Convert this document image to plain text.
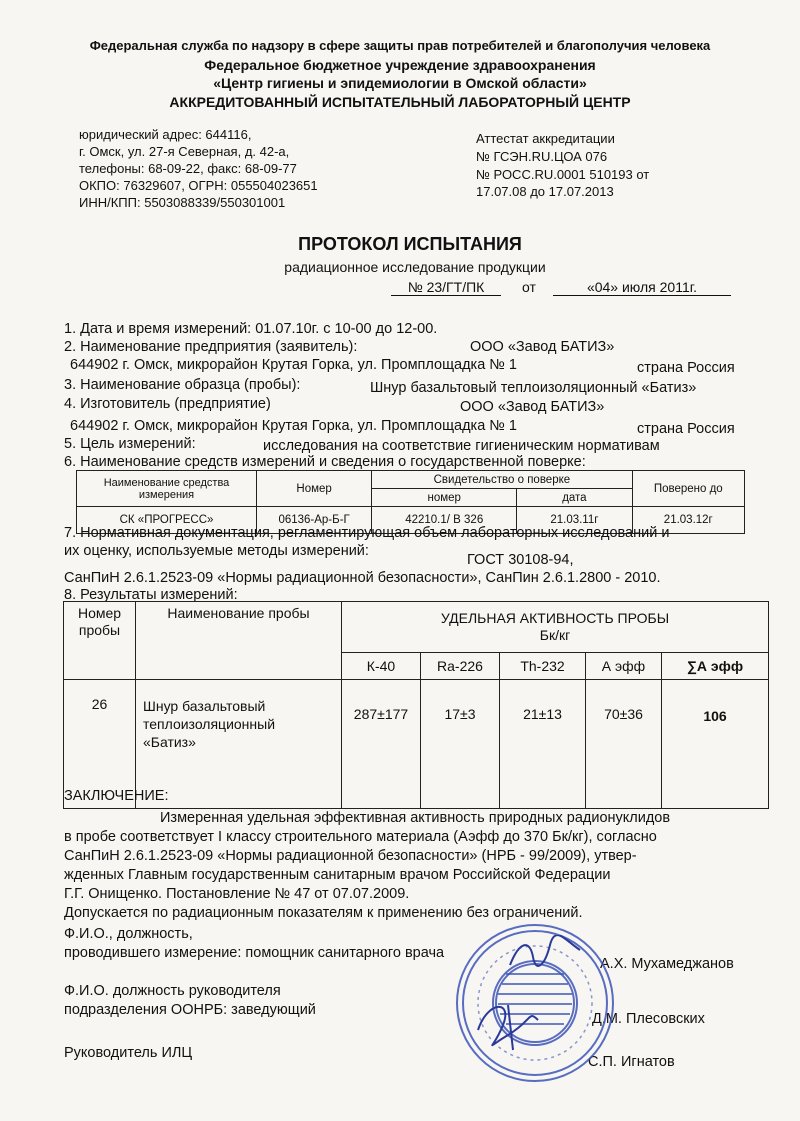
Федеральная служба по надзору в сфере защиты прав потребителей и благополучия человека
Федеральное бюджетное учреждение здравоохранения
«Центр гигиены и эпидемиологии в Омской области»
АККРЕДИТОВАННЫЙ ИСПЫТАТЕЛЬНЫЙ ЛАБОРАТОРНЫЙ ЦЕНТР
юридический адрес: 644116,
г. Омск, ул. 27-я Северная, д. 42-а,
телефоны: 68-09-22, факс: 68-09-77
ОКПО: 76329607, ОГРН: 055504023651
ИНН/КПП: 5503088339/550301001
Аттестат аккредитации
№ ГСЭН.RU.ЦОА 076
№ РОСС.RU.0001 510193 от
17.07.08 до 17.07.2013
ПРОТОКОЛ ИСПЫТАНИЯ
радиационное исследование продукции
№ 23/ГТ/ПК	от	«04» июля 2011г.
1. Дата и время измерений: 01.07.10г. с 10-00 до 12-00.
2. Наименование предприятия (заявитель):	ООО «Завод БАТИЗ»
644902 г. Омск, микрорайон Крутая Горка, ул. Промплощадка № 1	страна Россия
3. Наименование образца (пробы):	Шнур базальтовый теплоизоляционный «Батиз»
4. Изготовитель (предприятие)	ООО «Завод БАТИЗ»
644902 г. Омск, микрорайон Крутая Горка, ул. Промплощадка № 1	страна Россия
5. Цель измерений:	исследования на соответствие гигиеническим нормативам
6. Наименование средств измерений и сведения о государственной поверке:
Наименование средства измерения	Номер	Свидетельство о поверке		Поверено до
		номер	дата	
СК «ПРОГРЕСС»	06136-Ар-Б-Г	42210.1/ В 326	21.03.11г	21.03.12г
7. Нормативная документация, регламентирующая объем лабораторных исследований и
их оценку, используемые методы измерений:
ГОСТ 30108-94,
СанПиН 2.6.1.2523-09 «Нормы радиационной безопасности», СанПин 2.6.1.2800 - 2010.
8. Результаты измерений:
Номер пробы	Наименование пробы	УДЕЛЬНАЯ АКТИВНОСТЬ ПРОБЫ
Бк/кг				

		К-40	Ra-226	Th-232	А эфф	∑А эфф
26	Шнур базальтовый теплоизоляционный «Батиз»	287±177	17±3	21±13	70±36	106
ЗАКЛЮЧЕНИЕ:
Измеренная удельная эффективная активность природных радионуклидов
в пробе соответствует I классу строительного материала (Аэфф до 370 Бк/кг), согласно
СанПиН 2.6.1.2523-09 «Нормы радиационной безопасности» (НРБ - 99/2009), утвер-
жденных Главным государственным санитарным врачом Российской Федерации
Г.Г. Онищенко. Постановление № 47 от 07.07.2009.
Допускается по радиационным показателям к применению без ограничений.
Ф.И.О., должность,
проводившего измерение: помощник санитарного врача
А.Х. Мухамеджанов
Ф.И.О. должность руководителя
подразделения ООНРБ: заведующий
Д.М. Плесовских
Руководитель ИЛЦ
С.П. Игнатов
